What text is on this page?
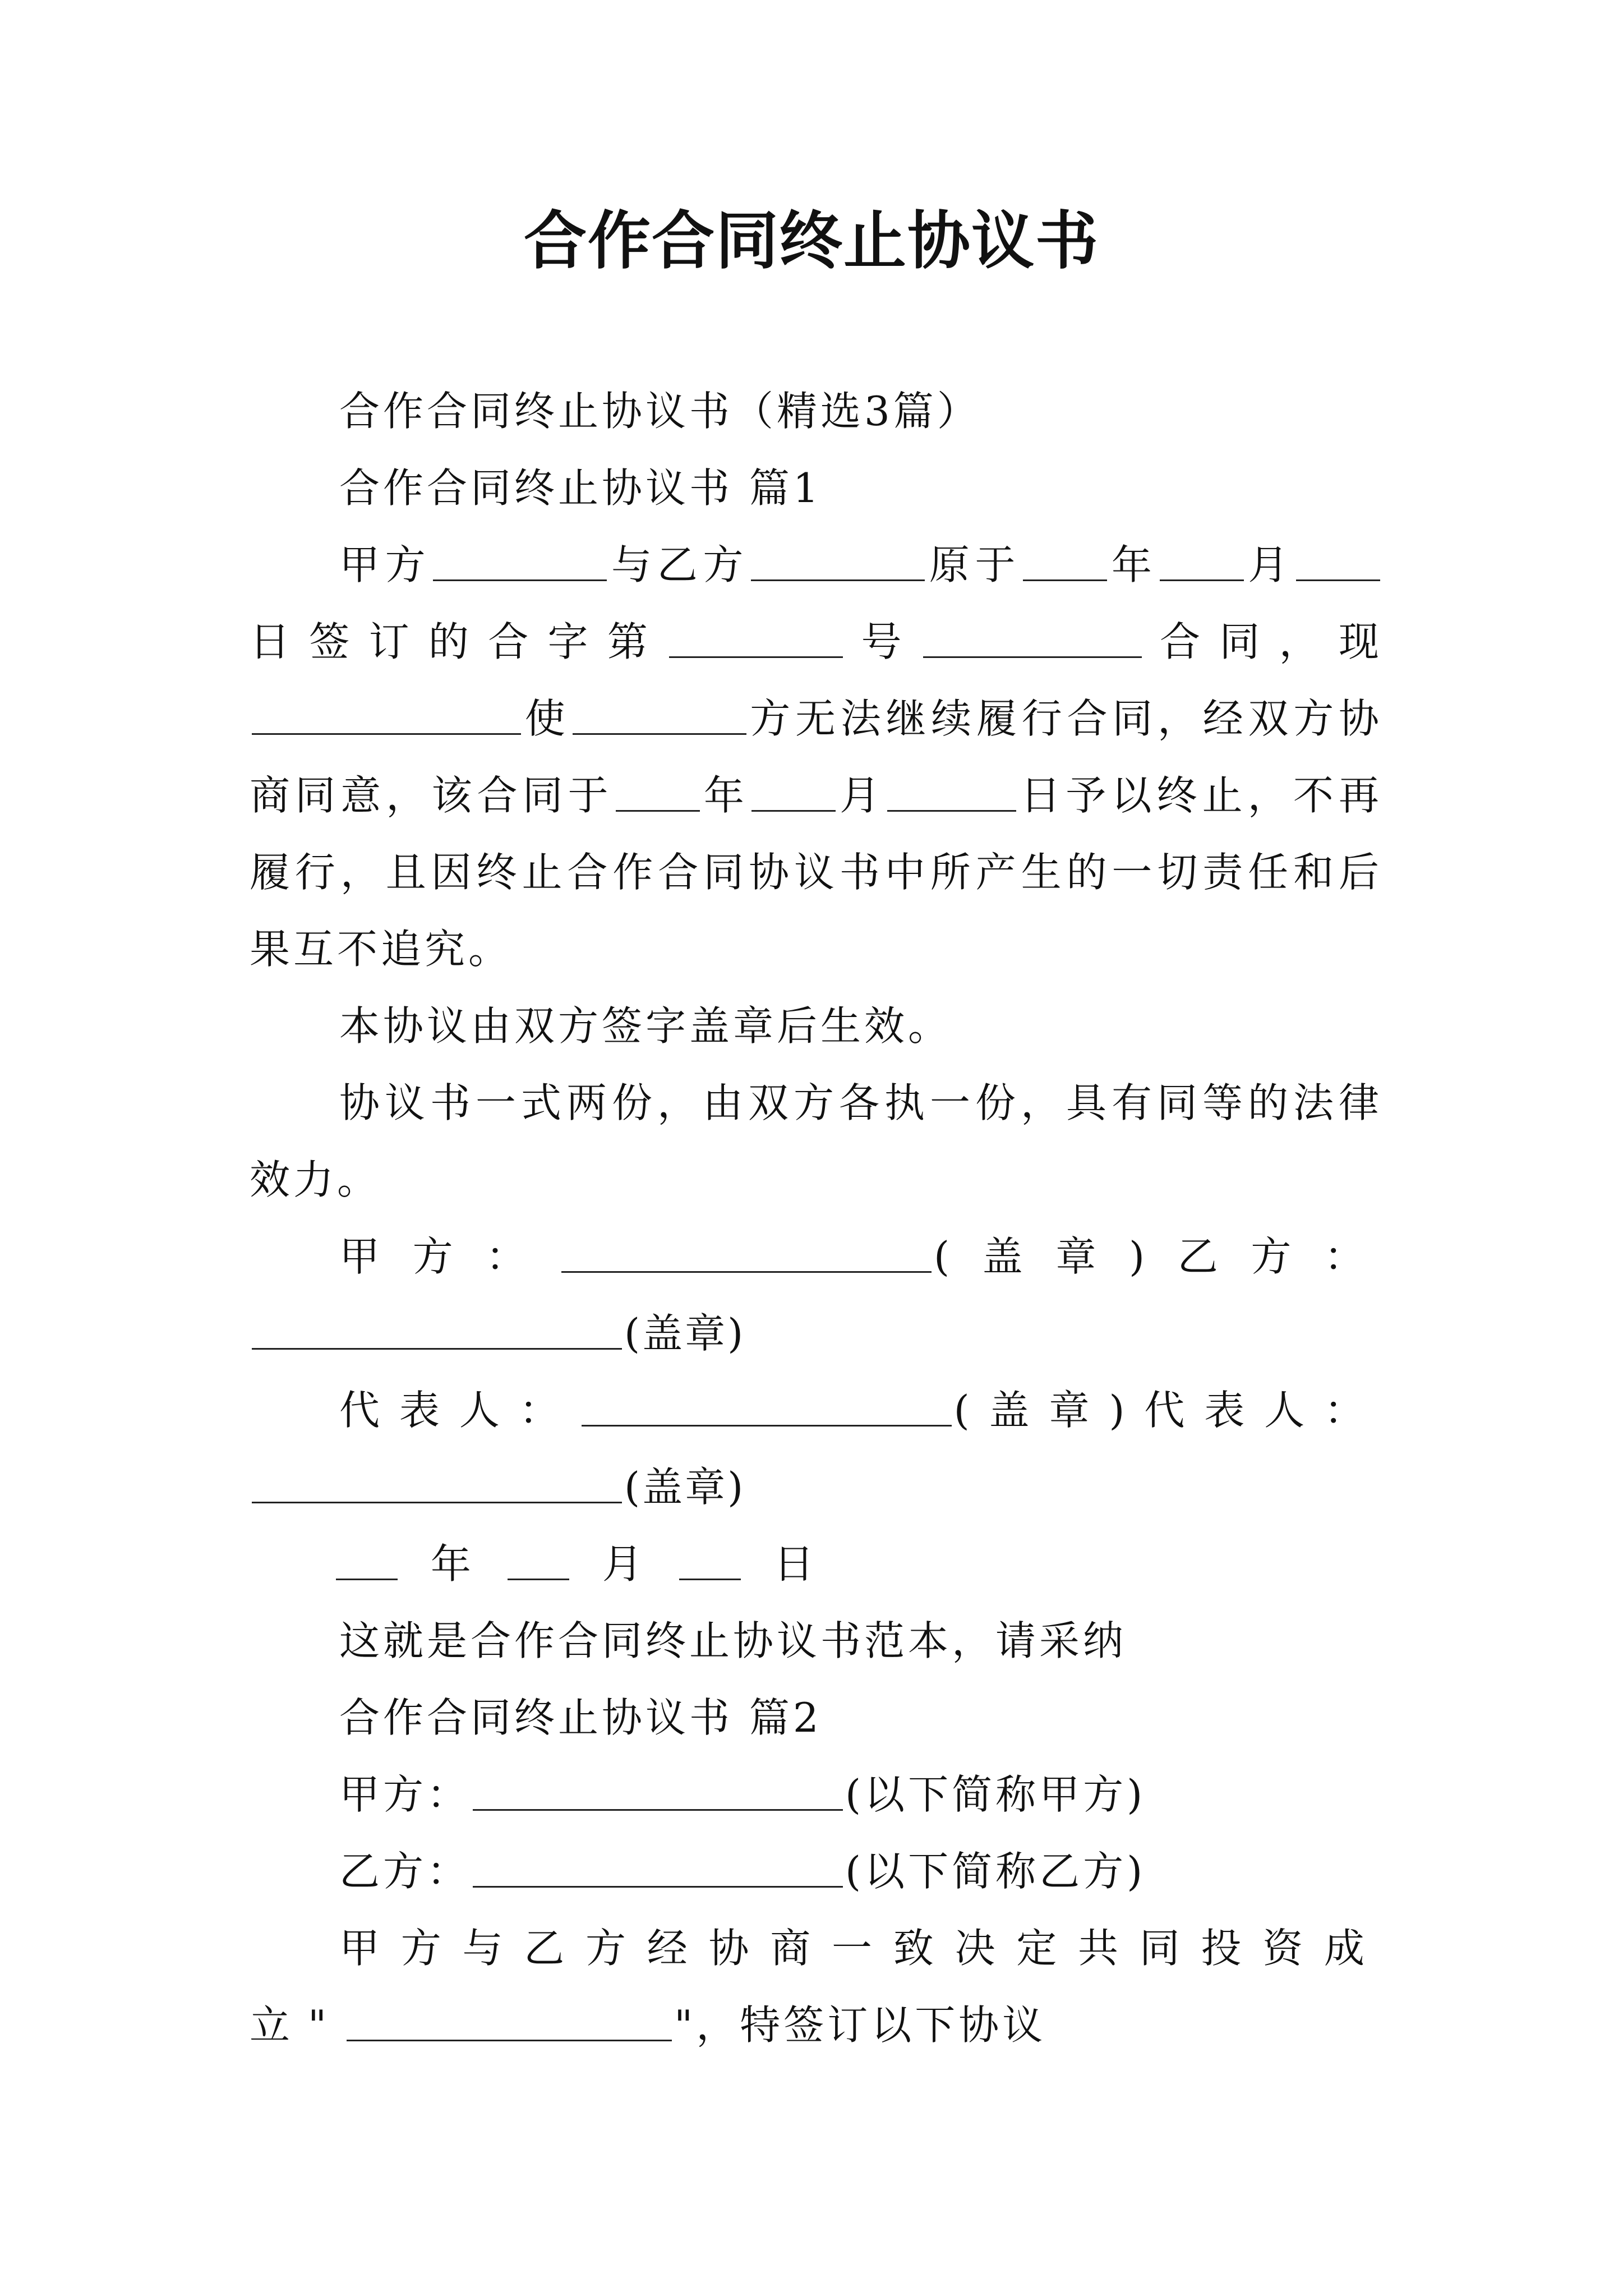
合作合同终止协议书

合作合同终止协议书（精选3篇）

合作合同终止协议书 篇1

甲方	与乙方	原于 年 月日签订的合字第	号	合同，现使	方无法继续履行合同，经双方协商同意，该合同于 年 月	日予以终止，不再履行，且因终止合作合同协议书中所产生的一切责任和后果互不追究。

本协议由双方签字盖章后生效。

协议书一式两份，由双方各执一份，具有同等的法律效力。

甲方：	(盖章)乙方：(盖章)

代表人：	(盖章)代表人：(盖章)

年	月	日

这就是合作合同终止协议书范本，请采纳

合作合同终止协议书 篇2

甲方：	(以下简称甲方)

乙方：	(以下简称乙方)

甲方与乙方经协商一致决定共同投资成立"	"，特签订以下协议
